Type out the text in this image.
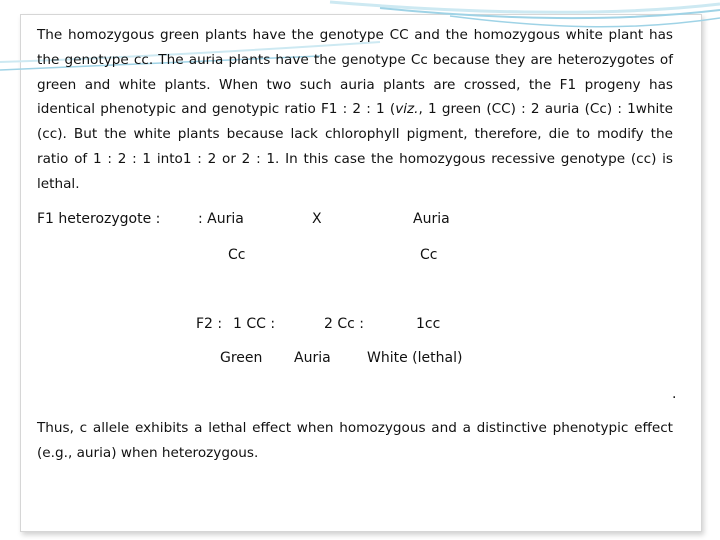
The homozygous green plants have the genotype CC and the homozygous white plant has the genotype cc. The auria plants have the genotype Cc because they are heterozygotes of green and white plants. When two such auria plants are crossed, the F1 progeny has identical phenotypic and genotypic ratio F1 : 2 : 1 (viz., 1 green (CC) : 2 auria (Cc) : 1white (cc). But the white plants because lack chlorophyll pigment, therefore, die to modify the ratio of 1 : 2 : 1 into1 : 2 or 2 : 1. In this case the homozygous recessive genotype (cc) is lethal.

F1 heterozygote :	: Auria	X	Auria
Cc	Cc
F2 : 1 CC :	2 Cc :	1cc
Green Auria	White (lethal)
.

Thus, c allele exhibits a lethal effect when homozygous and a distinctive phenotypic effect (e.g., auria) when heterozygous.
